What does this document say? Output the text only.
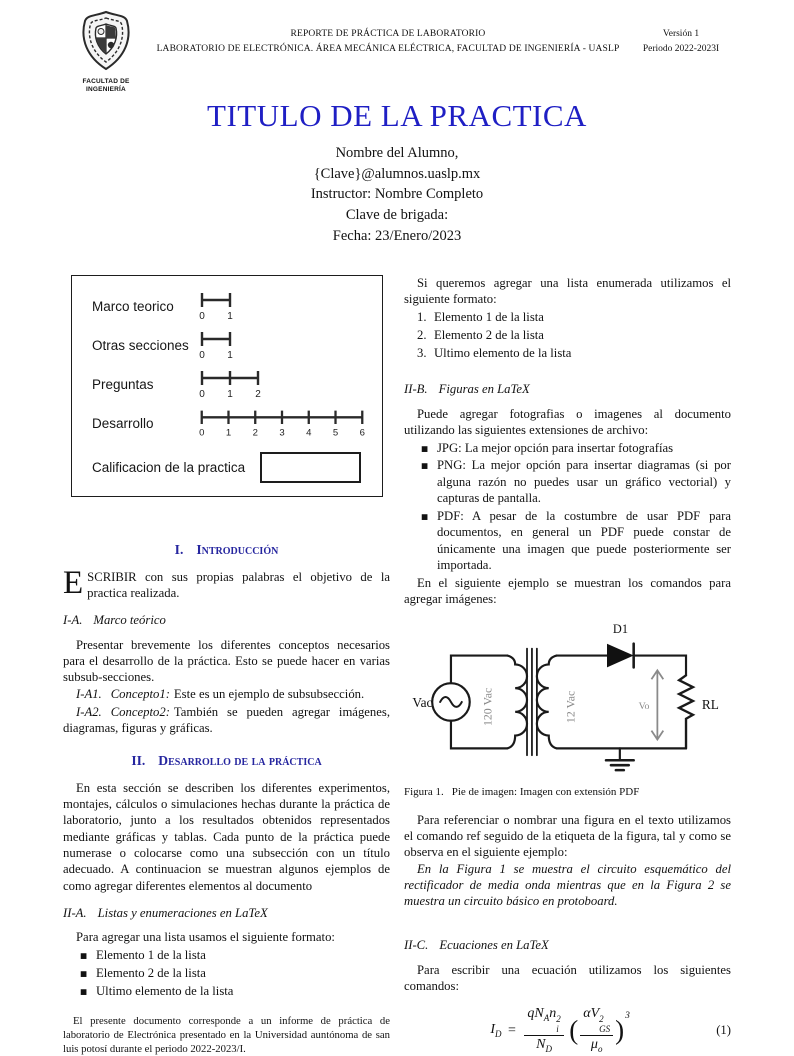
FACULTAD DE
INGENIERÍA
REPORTE DE PRÁCTICA DE LABORATORIO
LABORATORIO DE ELECTRÓNICA. ÁREA MECÁNICA ELÉCTRICA, FACULTAD DE INGENIERÍA - UASLP
Versión 1
Periodo 2022-2023I
TITULO DE LA PRACTICA
Nombre del Alumno,
{Clave}@alumnos.uaslp.mx
Instructor: Nombre Completo
Clave de brigada:
Fecha: 23/Enero/2023
Marco teorico
0 1
Otras secciones
0 1
Preguntas
0 1 2
Desarrollo
0 1 2 3 4 5 6
Calificacion de la practica
I. Introducción
ESCRIBIR con sus propias palabras el objetivo de la practica realizada.
I-A. Marco teórico
Presentar brevemente los diferentes conceptos necesarios para el desarrollo de la práctica. Esto se puede hacer en varias subsub-secciones.
I-A1. Concepto1: Este es un ejemplo de subsubsección.
I-A2. Concepto2: También se pueden agregar imágenes, diagramas, figuras y gráficas.
II. Desarrollo de la práctica
En esta sección se describen los diferentes experimentos, montajes, cálculos o simulaciones hechas durante la práctica de laboratorio, junto a los resultados obtenidos representados mediante gráficas y tablas. Cada punto de la práctica puede numerase o colocarse como una subsección con un título adecuado. A continuacion se muestran algunos ejemplos de como agregar diferentes elementos al documento
II-A. Listas y enumeraciones en LaTeX
Para agregar una lista usamos el siguiente formato:
■
Elemento 1 de la lista
■
Elemento 2 de la lista
■
Ultimo elemento de la lista
El presente documento corresponde a un informe de práctica de laboratorio de Electrónica presentado en la Universidad auntónoma de san luis potosí durante el periodo 2022-2023/I.
Si queremos agregar una lista enumerada utilizamos el siguiente formato:
1. Elemento 1 de la lista
2. Elemento 2 de la lista
3. Ultimo elemento de la lista
II-B. Figuras en LaTeX
Puede agregar fotografias o imagenes al documento utilizando las siguientes extensiones de archivo:
■
JPG: La mejor opción para insertar fotografías
■
PNG: La mejor opción para insertar diagramas (si por alguna razón no puedes usar un gráfico vectorial) y capturas de pantalla.
■
PDF: A pesar de la costumbre de usar PDF para documentos, en general un PDF puede constar de únicamente una imagen que puede posteriormente ser importada.
En el siguiente ejemplo se muestran los comandos para agregar imágenes:
Vac	120 Vac	12 Vac
D1
Vo	RL
Figura 1. Pie de imagen: Imagen con extensión PDF
Para referenciar o nombrar una figura en el texto utilizamos el comando ref seguido de la etiqueta de la figura, tal y como se observa en el siguiente ejemplo:
En la Figura 1 se muestra el circuito esquemático del rectificador de media onda mientras que en la Figura 2 se muestra un circuito básico en protoboard.
II-C. Ecuaciones en LaTeX
Para escribir una ecuación utilizamos los siguientes comandos:
$I_D = qN_An$ 2
i
$N_D$ ( αV 2
GS
$\mu_o$ )$^3$
(1)
